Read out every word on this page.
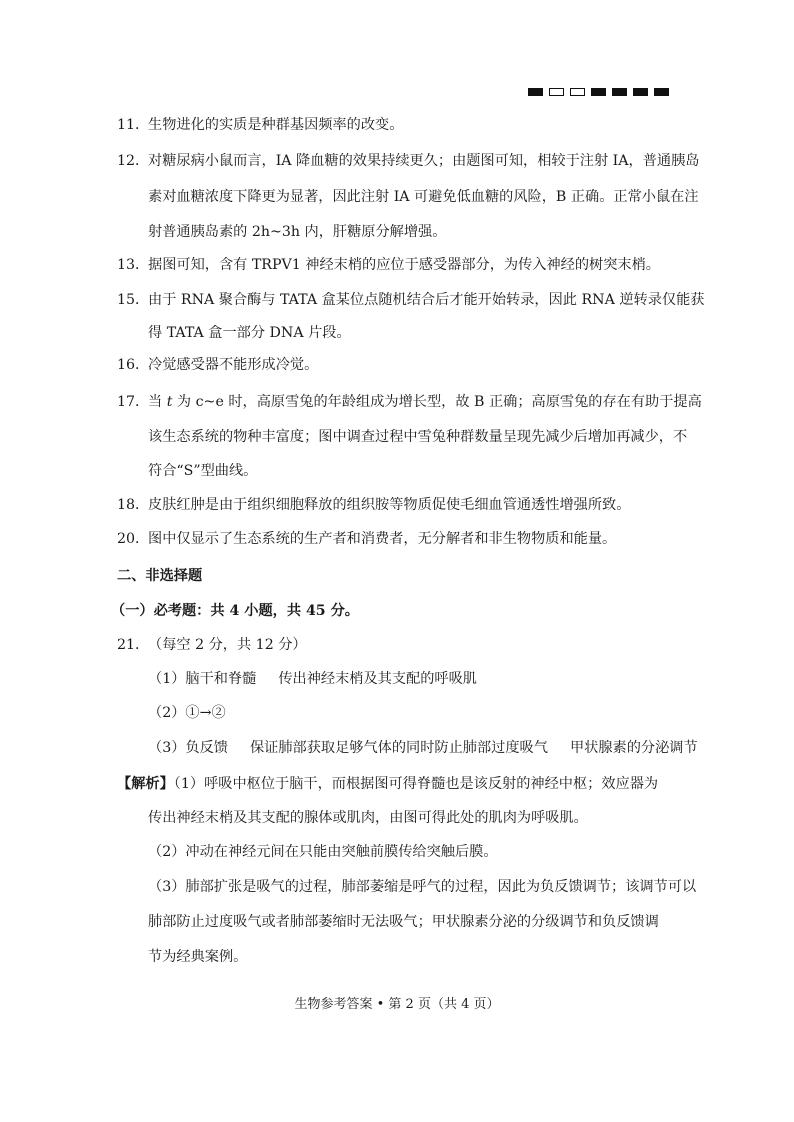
11．生物进化的实质是种群基因频率的改变。
12．对糖尿病小鼠而言，IA 降血糖的效果持续更久；由题图可知，相较于注射 IA，普通胰岛
素对血糖浓度下降更为显著，因此注射 IA 可避免低血糖的风险，B 正确。正常小鼠在注
射普通胰岛素的 2h~3h 内，肝糖原分解增强。
13．据图可知，含有 TRPV1 神经末梢的应位于感受器部分，为传入神经的树突末梢。
15．由于 RNA 聚合酶与 TATA 盒某位点随机结合后才能开始转录，因此 RNA 逆转录仅能获
得 TATA 盒一部分 DNA 片段。
16．冷觉感受器不能形成冷觉。
17．当 t 为 c~e 时，高原雪兔的年龄组成为增长型，故 B 正确；高原雪兔的存在有助于提高
该生态系统的物种丰富度；图中调查过程中雪兔种群数量呈现先减少后增加再减少，不
符合“S”型曲线。
18．皮肤红肿是由于组织细胞释放的组织胺等物质促使毛细血管通透性增强所致。
20．图中仅显示了生态系统的生产者和消费者，无分解者和非生物物质和能量。
二、非选择题
（一）必考题：共 4 小题，共 45 分。
21．（每空 2 分，共 12 分）
（1）脑干和脊髓 传出神经末梢及其支配的呼吸肌
（2）①→②
（3）负反馈 保证肺部获取足够气体的同时防止肺部过度吸气 甲状腺素的分泌调节
【解析】（1）呼吸中枢位于脑干，而根据图可得脊髓也是该反射的神经中枢；效应器为
传出神经末梢及其支配的腺体或肌肉，由图可得此处的肌肉为呼吸肌。
（2）冲动在神经元间在只能由突触前膜传给突触后膜。
（3）肺部扩张是吸气的过程，肺部萎缩是呼气的过程，因此为负反馈调节；该调节可以
肺部防止过度吸气或者肺部萎缩时无法吸气；甲状腺素分泌的分级调节和负反馈调
节为经典案例。
生物参考答案 • 第 2 页（共 4 页）
